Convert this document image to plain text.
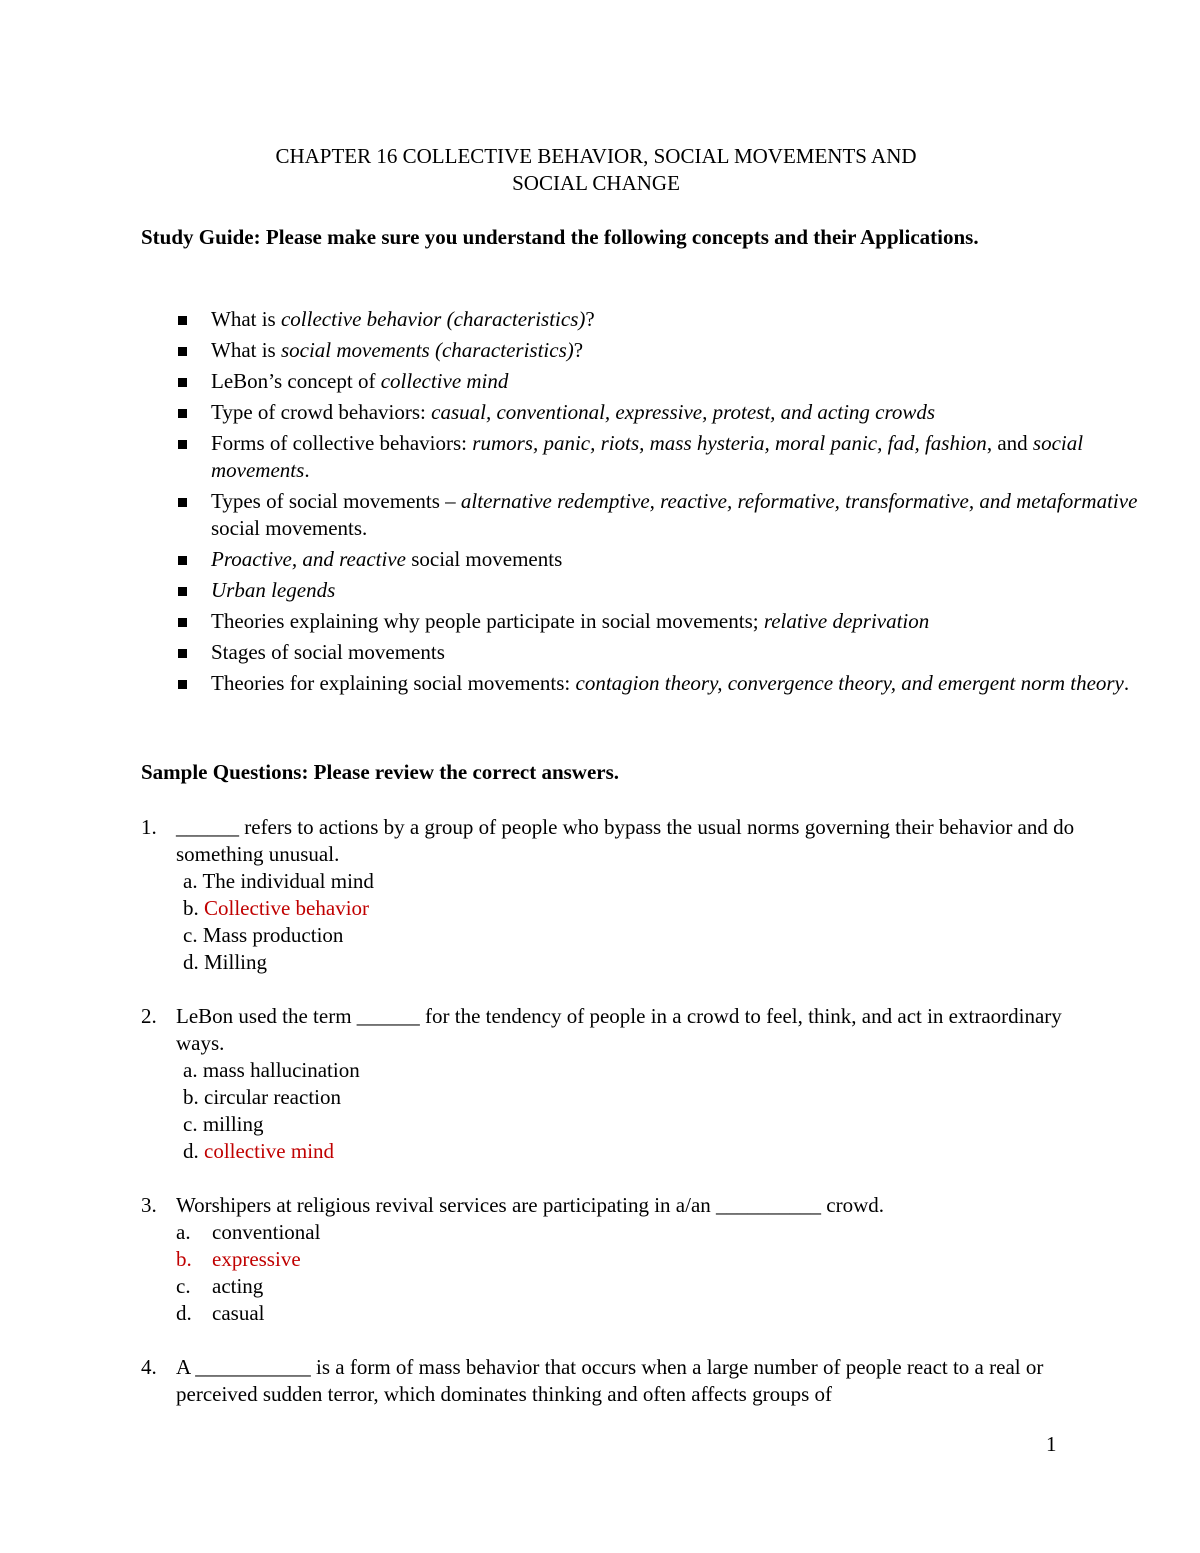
CHAPTER 16 COLLECTIVE BEHAVIOR, SOCIAL MOVEMENTS AND
SOCIAL CHANGE
Study Guide: Please make sure you understand the following concepts and their Applications.
What is collective behavior (characteristics)?
What is social movements (characteristics)?
LeBon’s concept of collective mind
Type of crowd behaviors: casual, conventional, expressive, protest, and acting crowds
Forms of collective behaviors: rumors, panic, riots, mass hysteria, moral panic, fad, fashion, and social movements.
Types of social movements – alternative redemptive, reactive, reformative, transformative, and metaformative social movements.
Proactive, and reactive social movements
Urban legends
Theories explaining why people participate in social movements; relative deprivation
Stages of social movements
Theories for explaining social movements: contagion theory, convergence theory, and emergent norm theory.
Sample Questions: Please review the correct answers.
1. ______ refers to actions by a group of people who bypass the usual norms governing their behavior and do something unusual.
a. The individual mind
b. Collective behavior
c. Mass production
d. Milling
2. LeBon used the term ______ for the tendency of people in a crowd to feel, think, and act in extraordinary ways.
a. mass hallucination
b. circular reaction
c. milling
d. collective mind
3. Worshipers at religious revival services are participating in a/an __________ crowd.
a. conventional
b. expressive
c. acting
d. casual
4. A ___________ is a form of mass behavior that occurs when a large number of people react to a real or perceived sudden terror, which dominates thinking and often affects groups of
1
